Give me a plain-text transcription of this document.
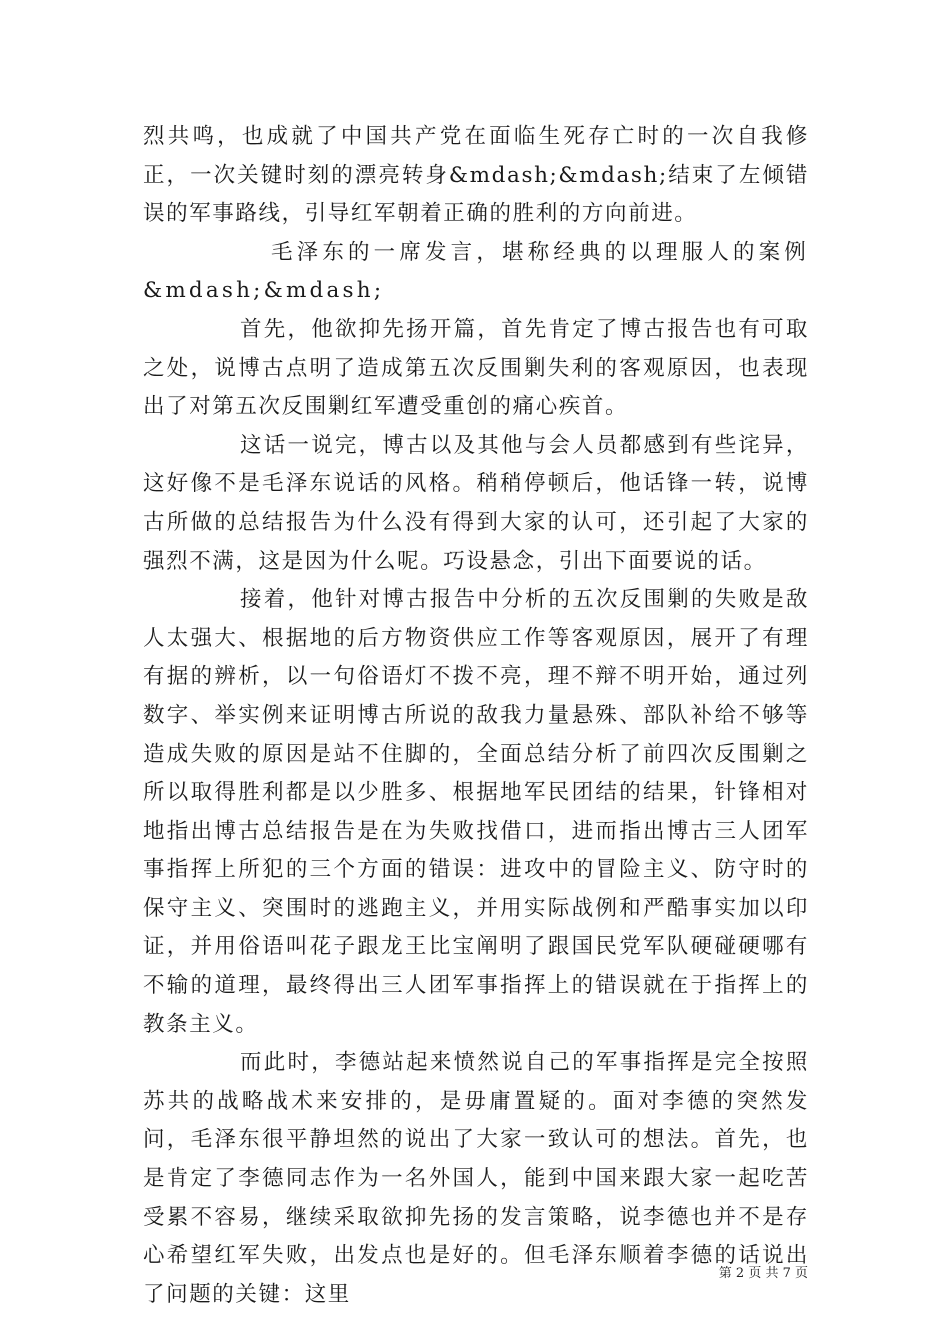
烈共鸣，也成就了中国共产党在面临生死存亡时的一次自我修正，一次关键时刻的漂亮转身&mdash;&mdash;结束了左倾错误的军事路线，引导红军朝着正确的胜利的方向前进。

毛泽东的一席发言，堪称经典的以理服人的案例&mdash;&mdash;

首先，他欲抑先扬开篇，首先肯定了博古报告也有可取之处，说博古点明了造成第五次反围剿失利的客观原因，也表现出了对第五次反围剿红军遭受重创的痛心疾首。

这话一说完，博古以及其他与会人员都感到有些诧异，这好像不是毛泽东说话的风格。稍稍停顿后，他话锋一转，说博古所做的总结报告为什么没有得到大家的认可，还引起了大家的强烈不满，这是因为什么呢。巧设悬念，引出下面要说的话。

接着，他针对博古报告中分析的五次反围剿的失败是敌人太强大、根据地的后方物资供应工作等客观原因，展开了有理有据的辨析，以一句俗语灯不拨不亮，理不辩不明开始，通过列数字、举实例来证明博古所说的敌我力量悬殊、部队补给不够等造成失败的原因是站不住脚的，全面总结分析了前四次反围剿之所以取得胜利都是以少胜多、根据地军民团结的结果，针锋相对地指出博古总结报告是在为失败找借口，进而指出博古三人团军事指挥上所犯的三个方面的错误：进攻中的冒险主义、防守时的保守主义、突围时的逃跑主义，并用实际战例和严酷事实加以印证，并用俗语叫花子跟龙王比宝阐明了跟国民党军队硬碰硬哪有不输的道理，最终得出三人团军事指挥上的错误就在于指挥上的教条主义。

而此时，李德站起来愤然说自己的军事指挥是完全按照苏共的战略战术来安排的，是毋庸置疑的。面对李德的突然发问，毛泽东很平静坦然的说出了大家一致认可的想法。首先，也是肯定了李德同志作为一名外国人，能到中国来跟大家一起吃苦受累不容易，继续采取欲抑先扬的发言策略，说李德也并不是存心希望红军失败，出发点也是好的。但毛泽东顺着李德的话说出了问题的关键：这里

第 2 页 共 7 页
